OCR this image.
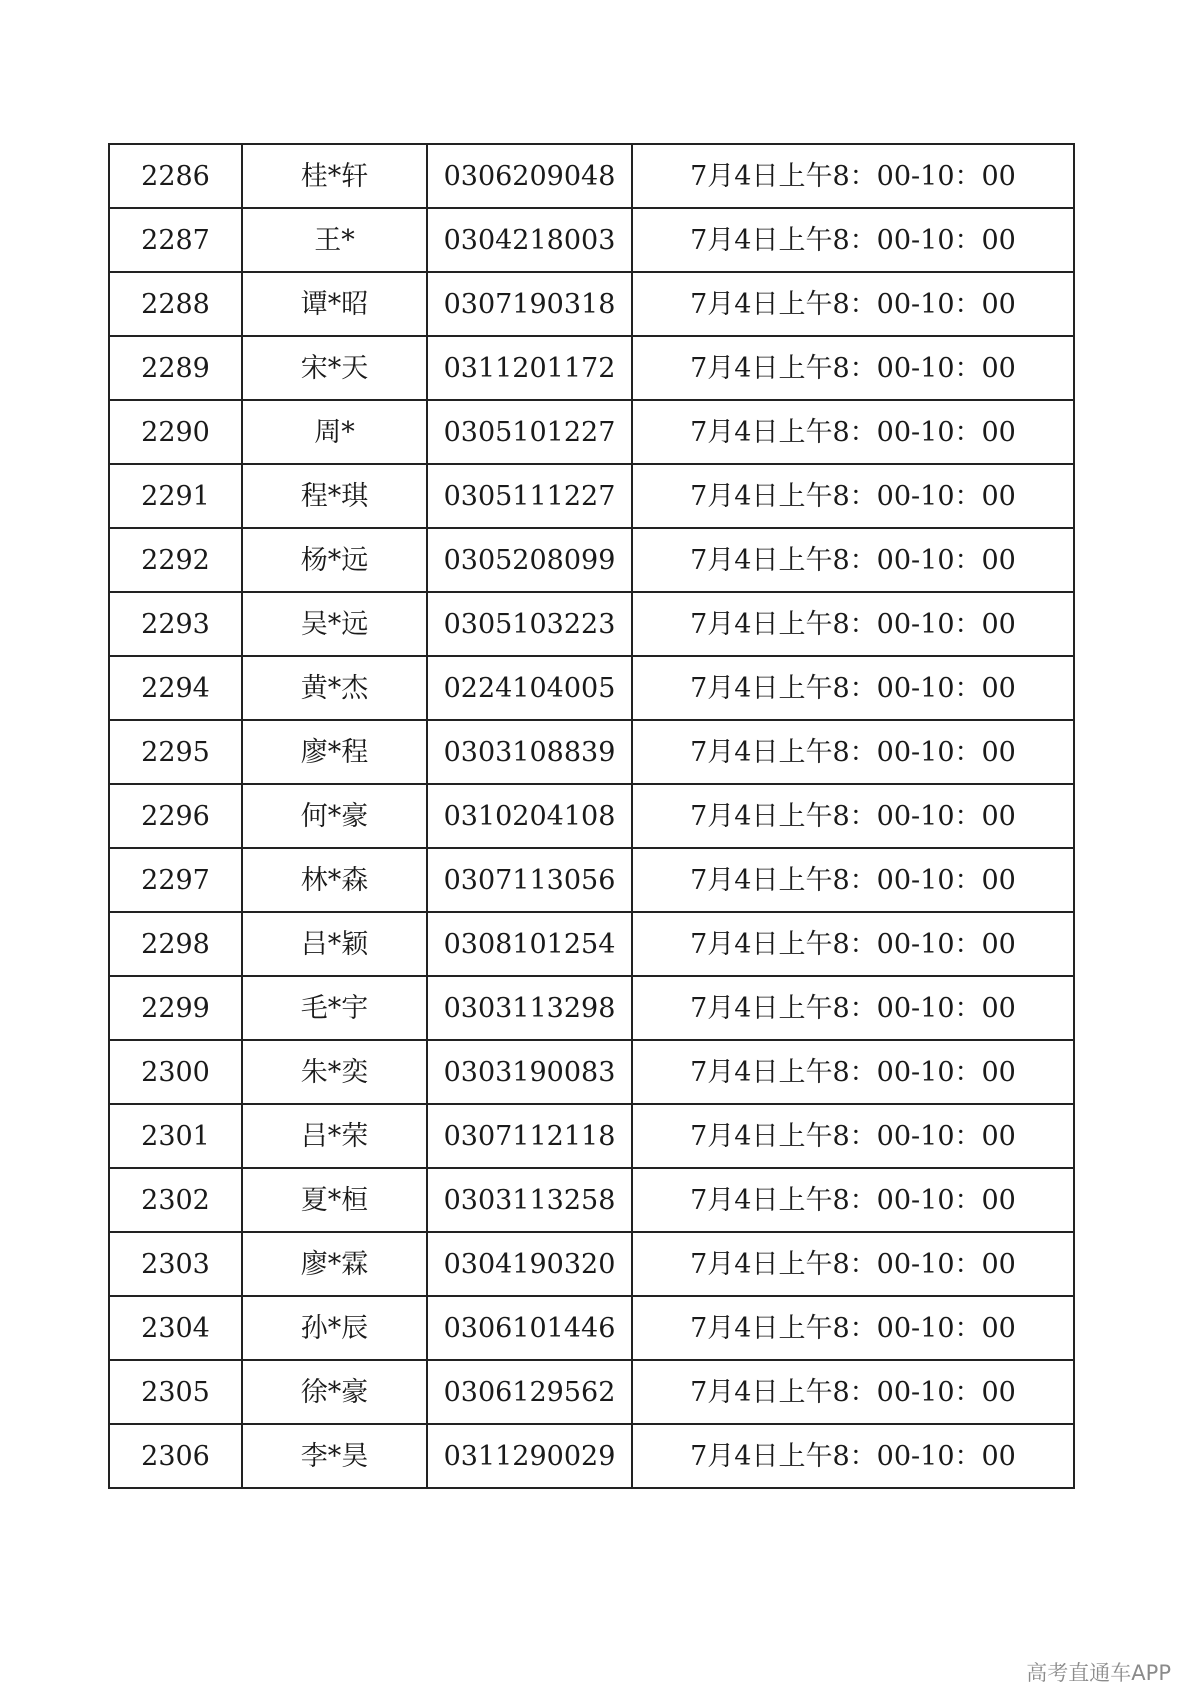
2286	桂*轩	0306209048	7月4日上午8：00-10：00
2287	王*	0304218003	7月4日上午8：00-10：00
2288	谭*昭	0307190318	7月4日上午8：00-10：00
2289	宋*天	0311201172	7月4日上午8：00-10：00
2290	周*	0305101227	7月4日上午8：00-10：00
2291	程*琪	0305111227	7月4日上午8：00-10：00
2292	杨*远	0305208099	7月4日上午8：00-10：00
2293	吴*远	0305103223	7月4日上午8：00-10：00
2294	黄*杰	0224104005	7月4日上午8：00-10：00
2295	廖*程	0303108839	7月4日上午8：00-10：00
2296	何*豪	0310204108	7月4日上午8：00-10：00
2297	林*森	0307113056	7月4日上午8：00-10：00
2298	吕*颖	0308101254	7月4日上午8：00-10：00
2299	毛*宇	0303113298	7月4日上午8：00-10：00
2300	朱*奕	0303190083	7月4日上午8：00-10：00
2301	吕*荣	0307112118	7月4日上午8：00-10：00
2302	夏*桓	0303113258	7月4日上午8：00-10：00
2303	廖*霖	0304190320	7月4日上午8：00-10：00
2304	孙*辰	0306101446	7月4日上午8：00-10：00
2305	徐*豪	0306129562	7月4日上午8：00-10：00
2306	李*昊	0311290029	7月4日上午8：00-10：00
高考直通车APP
